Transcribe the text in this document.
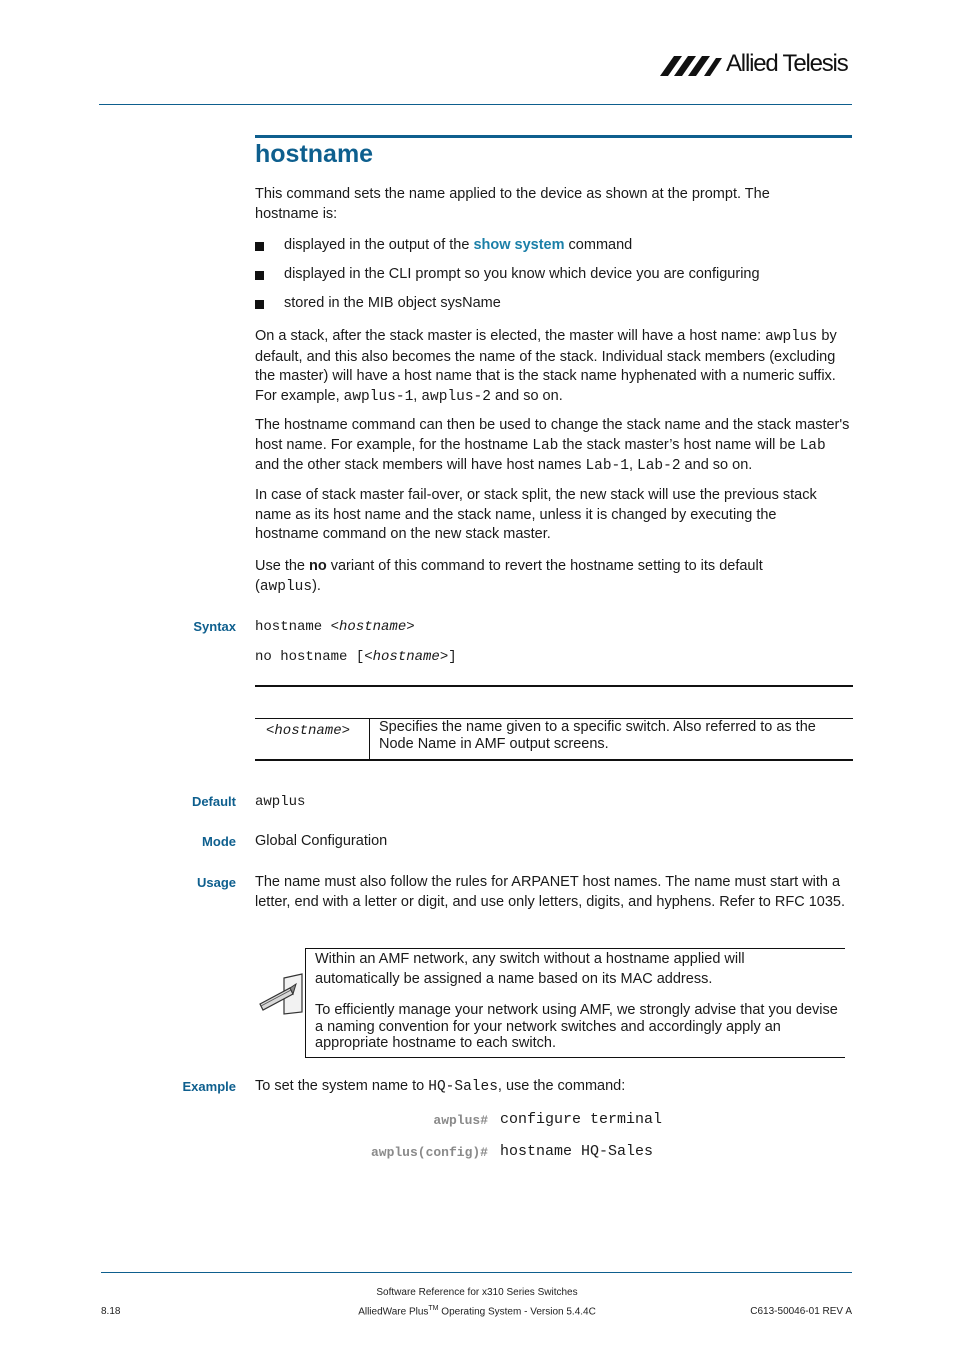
Allied Telesis
hostname
This command sets the name applied to the device as shown at the prompt. The hostname is:
displayed in the output of the show system command
displayed in the CLI prompt so you know which device you are configuring
stored in the MIB object sysName
On a stack, after the stack master is elected, the master will have a host name: awplus by default, and this also becomes the name of the stack. Individual stack members (excluding the master) will have a host name that is the stack name hyphenated with a numeric suffix. For example, awplus-1, awplus-2 and so on.
The hostname command can then be used to change the stack name and the stack master's host name. For example, for the hostname Lab the stack master’s host name will be Lab and the other stack members will have host names Lab-1, Lab-2 and so on.
In case of stack master fail-over, or stack split, the new stack will use the previous stack name as its host name and the stack name, unless it is changed by executing the hostname command on the new stack master.
Use the no variant of this command to revert the hostname setting to its default (awplus).
Syntax hostname <hostname>
no hostname [<hostname>]
<hostname> Specifies the name given to a specific switch. Also referred to as the Node Name in AMF output screens.
Default awplus
Mode Global Configuration
Usage The name must also follow the rules for ARPANET host names. The name must start with a letter, end with a letter or digit, and use only letters, digits, and hyphens. Refer to RFC 1035.
Within an AMF network, any switch without a hostname applied will automatically be assigned a name based on its MAC address.
To efficiently manage your network using AMF, we strongly advise that you devise a naming convention for your network switches and accordingly apply an appropriate hostname to each switch.
Example To set the system name to HQ-Sales, use the command:
awplus# configure terminal
awplus(config)# hostname HQ-Sales
Software Reference for x310 Series Switches
AlliedWare Plus™ Operating System - Version 5.4.4C
8.18	C613-50046-01 REV A
